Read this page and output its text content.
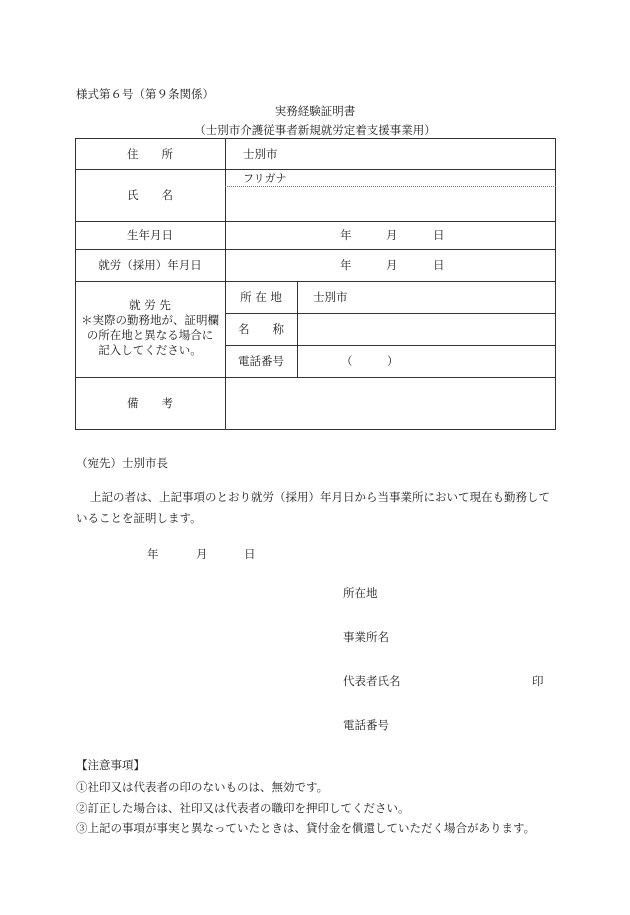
様式第６号（第９条関係）
実務経験証明書
（士別市介護従事者新規就労定着支援事業用）
住　　所	士別市
氏　　名
フリガナ
生年月日	年	月	日
就労（採用）年月日	年	月	日
就 労 先
＊実際の勤務地が、証明欄
の所在地と異なる場合に
記入してください。
所 在 地	士別市
名　　称
電話番号	（　　　）
備　　考
（宛先）士別市長
上記の者は、上記事項のとおり就労（採用）年月日から当事業所において現在も勤務して
いることを証明します。
年	月	日
所在地
事業所名
代表者氏名	印
電話番号
【注意事項】
①社印又は代表者の印のないものは、無効です。
②訂正した場合は、社印又は代表者の職印を押印してください。
③上記の事項が事実と異なっていたときは、貸付金を償還していただく場合があります。
